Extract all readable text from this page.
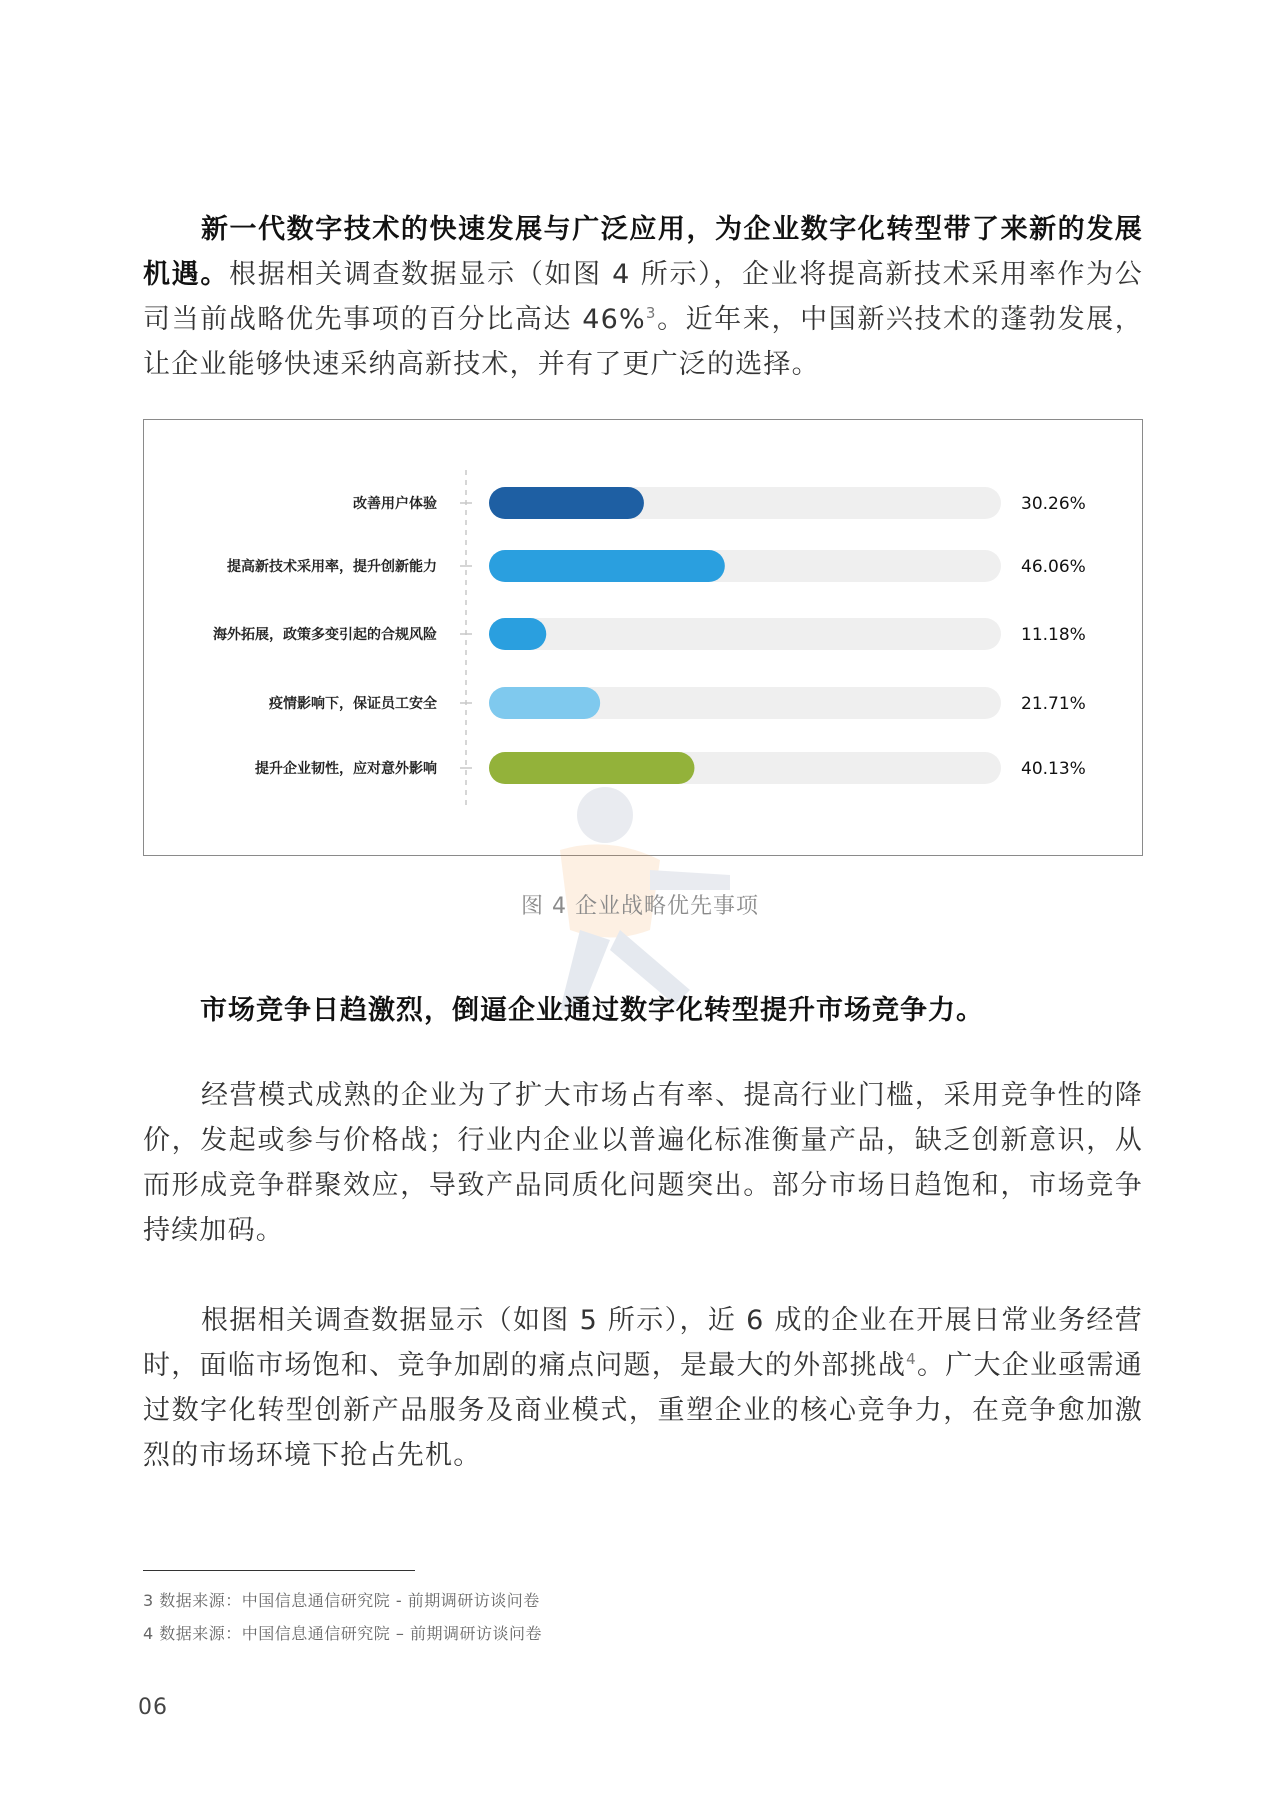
新一代数字技术的快速发展与广泛应用，为企业数字化转型带了来新的发展机遇。根据相关调查数据显示（如图 4 所示），企业将提高新技术采用率作为公司当前战略优先事项的百分比高达 46%$^3$。近年来，中国新兴技术的蓬勃发展，让企业能够快速采纳高新技术，并有了更广泛的选择。

改善用户体验	30.26%
提高新技术采用率，提升创新能力	46.06%
海外拓展，政策多变引起的合规风险	11.18%
疫情影响下，保证员工安全	21.71%
提升企业韧性，应对意外影响	40.13%
图 4 企业战略优先事项

市场竞争日趋激烈，倒逼企业通过数字化转型提升市场竞争力。

经营模式成熟的企业为了扩大市场占有率、提高行业门槛，采用竞争性的降价，发起或参与价格战；行业内企业以普遍化标准衡量产品，缺乏创新意识，从而形成竞争群聚效应，导致产品同质化问题突出。部分市场日趋饱和，市场竞争持续加码。

根据相关调查数据显示（如图 5 所示），近 6 成的企业在开展日常业务经营时，面临市场饱和、竞争加剧的痛点问题，是最大的外部挑战$^4$。广大企业亟需通过数字化转型创新产品服务及商业模式，重塑企业的核心竞争力，在竞争愈加激烈的市场环境下抢占先机。

3 数据来源：中国信息通信研究院 - 前期调研访谈问卷
4 数据来源：中国信息通信研究院 – 前期调研访谈问卷
06
